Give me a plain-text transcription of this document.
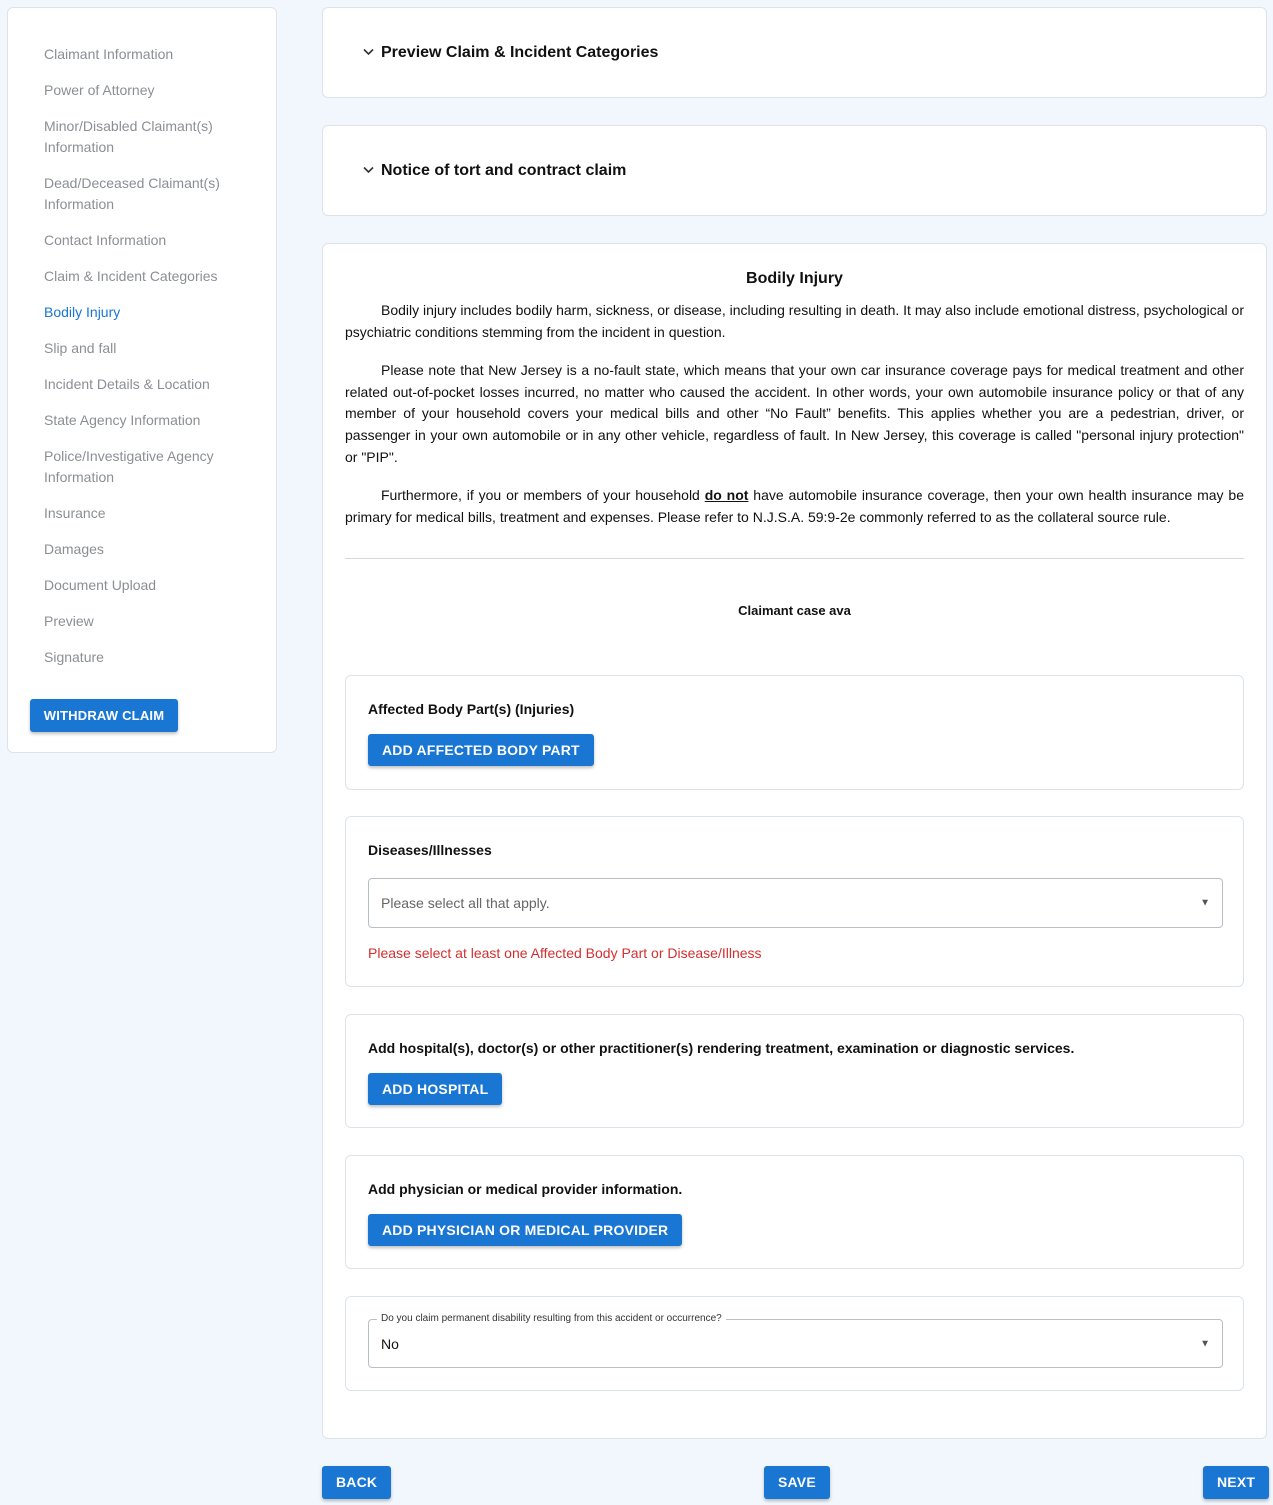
Claimant Information
Power of Attorney
Minor/Disabled Claimant(s) Information
Dead/Deceased Claimant(s) Information
Contact Information
Claim & Incident Categories
Bodily Injury
Slip and fall
Incident Details & Location
State Agency Information
Police/Investigative Agency Information
Insurance
Damages
Document Upload
Preview
Signature
WITHDRAW CLAIM
Preview Claim & Incident Categories
Notice of tort and contract claim
Bodily Injury

Bodily injury includes bodily harm, sickness, or disease, including resulting in death. It may also include emotional distress, psychological or psychiatric conditions stemming from the incident in question.

Please note that New Jersey is a no-fault state, which means that your own car insurance coverage pays for medical treatment and other related out-of-pocket losses incurred, no matter who caused the accident. In other words, your own automobile insurance policy or that of any member of your household covers your medical bills and other “No Fault” benefits. This applies whether you are a pedestrian, driver, or passenger in your own automobile or in any other vehicle, regardless of fault. In New Jersey, this coverage is called "personal injury protection" or "PIP".

Furthermore, if you or members of your household do not have automobile insurance coverage, then your own health insurance may be primary for medical bills, treatment and expenses. Please refer to N.J.S.A. 59:9-2e commonly referred to as the collateral source rule.

Claimant case ava
Affected Body Part(s) (Injuries)
ADD AFFECTED BODY PART
Diseases/Illnesses
Please select all that apply.	▼
Please select at least one Affected Body Part or Disease/Illness
Add hospital(s), doctor(s) or other practitioner(s) rendering treatment, examination or diagnostic services.
ADD HOSPITAL
Add physician or medical provider information.
ADD PHYSICIAN OR MEDICAL PROVIDER
Do you claim permanent disability resulting from this accident or occurrence?
No	▼
BACK	SAVE	NEXT
